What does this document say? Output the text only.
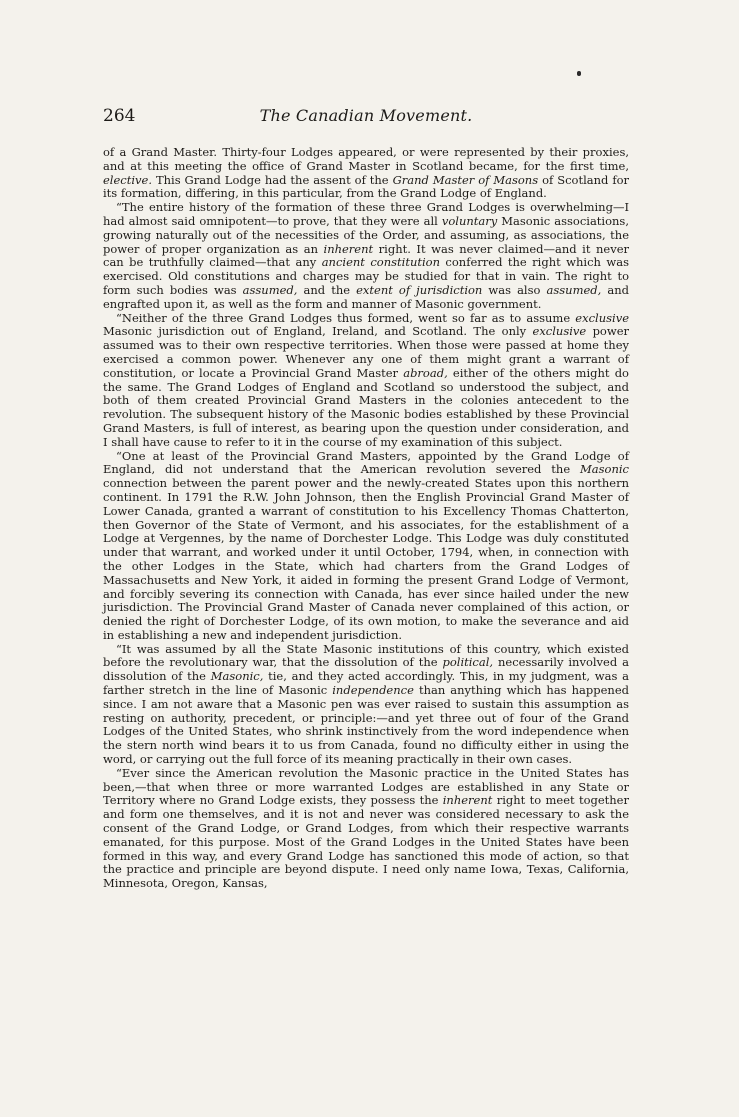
264	The Canadian Movement.

of a Grand Master. Thirty-four Lodges appeared, or were represented by their proxies, and at this meeting the office of Grand Master in Scotland became, for the first time, elective. This Grand Lodge had the assent of the Grand Master of Masons of Scotland for its formation, differing, in this particular, from the Grand Lodge of England.

“The entire history of the formation of these three Grand Lodges is overwhelming—I had almost said omnipotent—to prove, that they were all voluntary Masonic associations, growing naturally out of the necessities of the Order, and assuming, as associations, the power of proper organization as an inherent right. It was never claimed—and it never can be truthfully claimed—that any ancient constitution conferred the right which was exercised. Old constitutions and charges may be studied for that in vain. The right to form such bodies was assumed, and the extent of jurisdiction was also assumed, and engrafted upon it, as well as the form and manner of Masonic government.

“Neither of the three Grand Lodges thus formed, went so far as to assume exclusive Masonic jurisdiction out of England, Ireland, and Scotland. The only exclusive power assumed was to their own respective territories. When those were passed at home they exercised a common power. Whenever any one of them might grant a warrant of constitution, or locate a Provincial Grand Master abroad, either of the others might do the same. The Grand Lodges of England and Scotland so understood the subject, and both of them created Provincial Grand Masters in the colonies antecedent to the revolution. The subsequent history of the Masonic bodies established by these Provincial Grand Masters, is full of interest, as bearing upon the question under consideration, and I shall have cause to refer to it in the course of my examination of this subject.

“One at least of the Provincial Grand Masters, appointed by the Grand Lodge of England, did not understand that the American revolution severed the Masonic connection between the parent power and the newly-created States upon this northern continent. In 1791 the R.W. John Johnson, then the English Provincial Grand Master of Lower Canada, granted a warrant of constitution to his Excellency Thomas Chatterton, then Governor of the State of Vermont, and his associates, for the establishment of a Lodge at Vergennes, by the name of Dorchester Lodge. This Lodge was duly constituted under that warrant, and worked under it until October, 1794, when, in connection with the other Lodges in the State, which had charters from the Grand Lodges of Massachusetts and New York, it aided in forming the present Grand Lodge of Vermont, and forcibly severing its connection with Canada, has ever since hailed under the new jurisdiction. The Provincial Grand Master of Canada never complained of this action, or denied the right of Dorchester Lodge, of its own motion, to make the severance and aid in establishing a new and independent jurisdiction.

“It was assumed by all the State Masonic institutions of this country, which existed before the revolutionary war, that the dissolution of the political, necessarily involved a dissolution of the Masonic, tie, and they acted accordingly. This, in my judgment, was a farther stretch in the line of Masonic independence than anything which has happened since. I am not aware that a Masonic pen was ever raised to sustain this assumption as resting on authority, precedent, or principle:—and yet three out of four of the Grand Lodges of the United States, who shrink instinctively from the word independence when the stern north wind bears it to us from Canada, found no difficulty either in using the word, or carrying out the full force of its meaning practically in their own cases.

“Ever since the American revolution the Masonic practice in the United States has been,—that when three or more warranted Lodges are established in any State or Territory where no Grand Lodge exists, they possess the inherent right to meet together and form one themselves, and it is not and never was considered necessary to ask the consent of the Grand Lodge, or Grand Lodges, from which their respective warrants emanated, for this purpose. Most of the Grand Lodges in the United States have been formed in this way, and every Grand Lodge has sanctioned this mode of action, so that the practice and principle are beyond dispute. I need only name Iowa, Texas, California, Minnesota, Oregon, Kansas,
